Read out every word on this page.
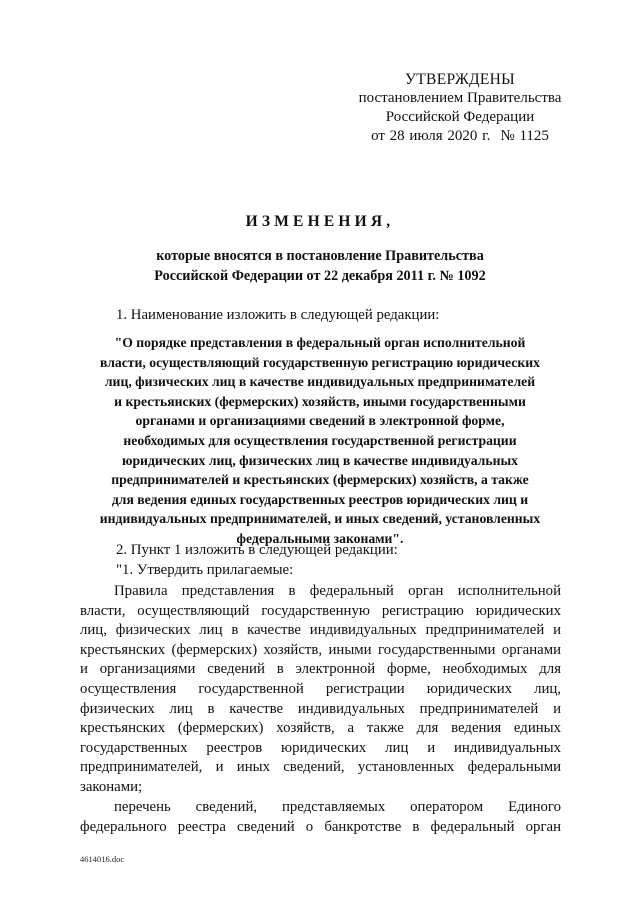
УТВЕРЖДЕНЫ
постановлением Правительства
Российской Федерации
от 28 июля 2020 г. № 1125
ИЗМЕНЕНИЯ,
которые вносятся в постановление Правительства
Российской Федерации от 22 декабря 2011 г. № 1092
1. Наименование изложить в следующей редакции:
"О порядке представления в федеральный орган исполнительной
власти, осуществляющий государственную регистрацию юридических
лиц, физических лиц в качестве индивидуальных предпринимателей
и крестьянских (фермерских) хозяйств, иными государственными
органами и организациями сведений в электронной форме,
необходимых для осуществления государственной регистрации
юридических лиц, физических лиц в качестве индивидуальных
предпринимателей и крестьянских (фермерских) хозяйств, а также
для ведения единых государственных реестров юридических лиц и
индивидуальных предпринимателей, и иных сведений, установленных
федеральными законами".
2. Пункт 1 изложить в следующей редакции:
"1. Утвердить прилагаемые:
Правила представления в федеральный орган исполнительной
власти, осуществляющий государственную регистрацию юридических
лиц, физических лиц в качестве индивидуальных предпринимателей и
крестьянских (фермерских) хозяйств, иными государственными органами
и организациями сведений в электронной форме, необходимых для
осуществления государственной регистрации юридических лиц,
физических лиц в качестве индивидуальных предпринимателей и
крестьянских (фермерских) хозяйств, а также для ведения единых
государственных реестров юридических лиц и индивидуальных
предпринимателей, и иных сведений, установленных федеральными
законами;
перечень сведений, представляемых оператором Единого
федерального реестра сведений о банкротстве в федеральный орган
4614016.doc
